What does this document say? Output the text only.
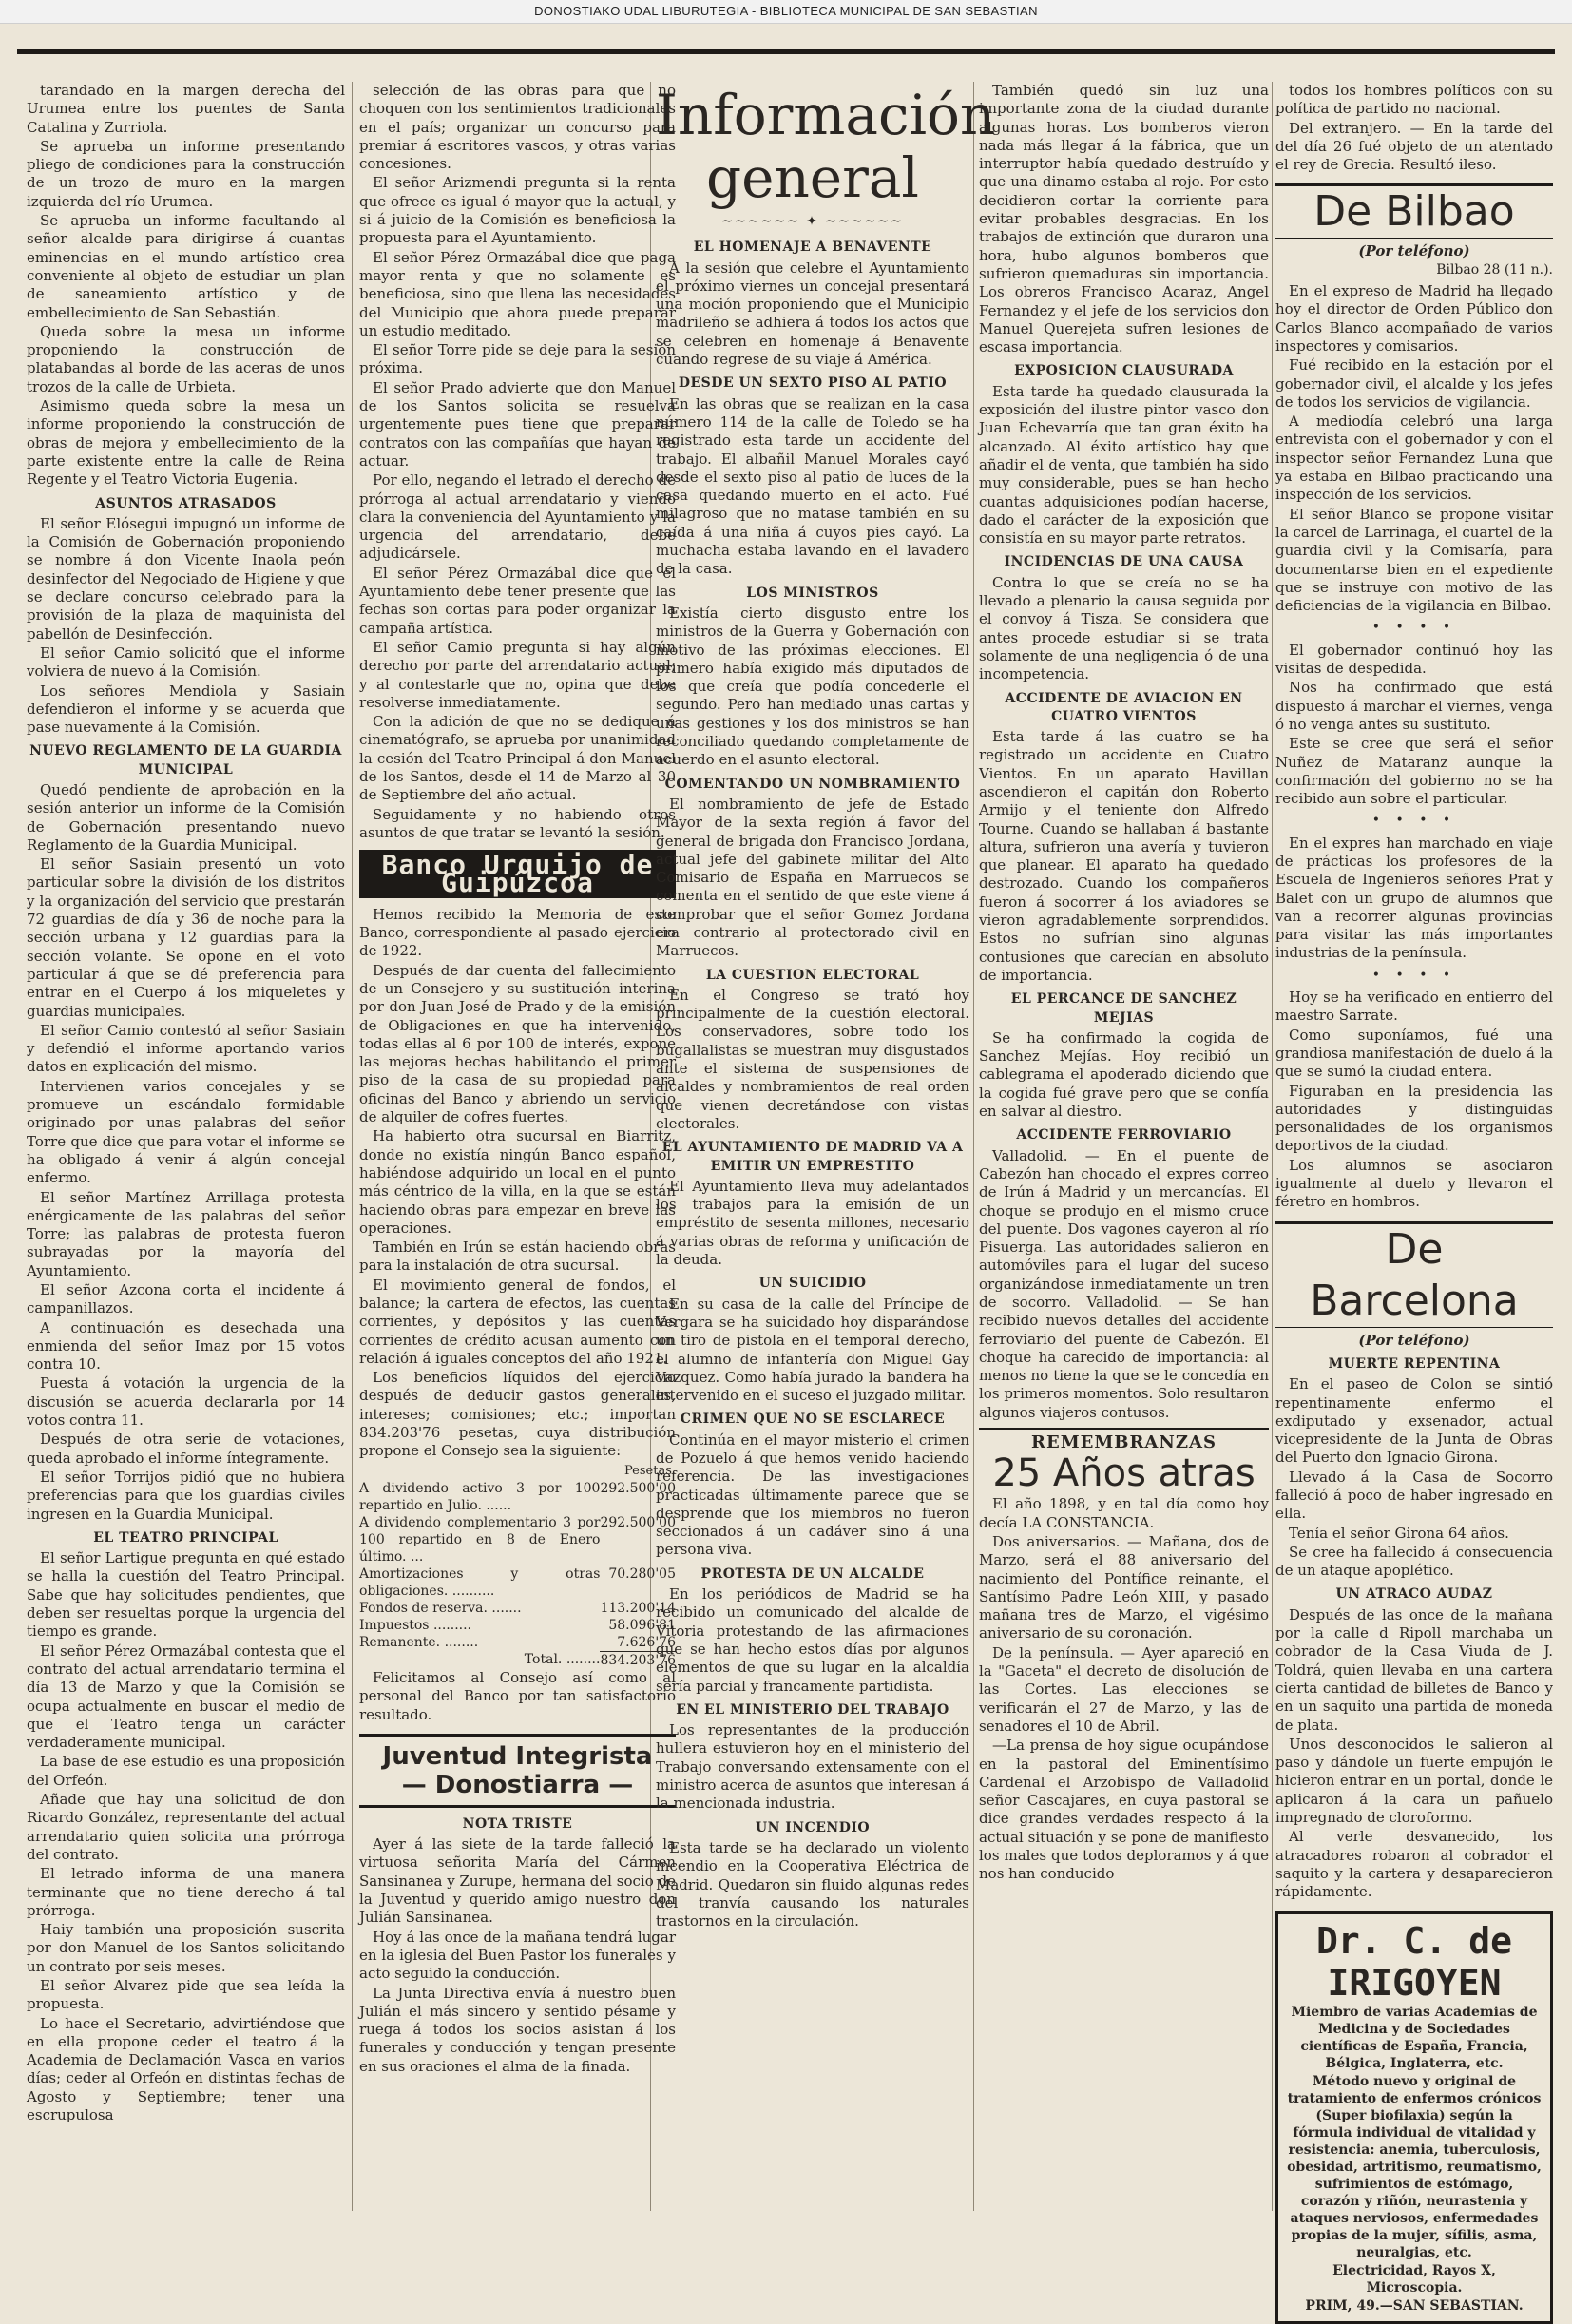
DONOSTIAKO UDAL LIBURUTEGIA - BIBLIOTECA MUNICIPAL DE SAN SEBASTIAN

tarandado en la margen derecha del Urumea entre los puentes de Santa Catalina y Zurriola.

Se aprueba un informe presentando pliego de condiciones para la construcción de un trozo de muro en la margen izquierda del río Urumea.

Se aprueba un informe facultando al señor alcalde para dirigirse á cuantas eminencias en el mundo artístico crea conveniente al objeto de estudiar un plan de saneamiento artístico y de embellecimiento de San Sebastián.

Queda sobre la mesa un informe proponiendo la construcción de platabandas al borde de las aceras de unos trozos de la calle de Urbieta.

Asimismo queda sobre la mesa un informe proponiendo la construcción de obras de mejora y embellecimiento de la parte existente entre la calle de Reina Regente y el Teatro Victoria Eugenia.

ASUNTOS ATRASADOS

El señor Elósegui impugnó un informe de la Comisión de Gobernación proponiendo se nombre á don Vicente Inaola peón desinfector del Negociado de Higiene y que se declare concurso celebrado para la provisión de la plaza de maquinista del pabellón de Desinfección.

El señor Camio solicitó que el informe volviera de nuevo á la Comisión.

Los señores Mendiola y Sasiain defendieron el informe y se acuerda que pase nuevamente á la Comisión.

NUEVO REGLAMENTO DE LA GUARDIA MUNICIPAL

Quedó pendiente de aprobación en la sesión anterior un informe de la Comisión de Gobernación presentando nuevo Reglamento de la Guardia Municipal.

El señor Sasiain presentó un voto particular sobre la división de los distritos y la organización del servicio que prestarán 72 guardias de día y 36 de noche para la sección urbana y 12 guardias para la sección volante. Se opone en el voto particular á que se dé preferencia para entrar en el Cuerpo á los miqueletes y guardias municipales.

El señor Camio contestó al señor Sasiain y defendió el informe aportando varios datos en explicación del mismo.

Intervienen varios concejales y se promueve un escándalo formidable originado por unas palabras del señor Torre que dice que para votar el informe se ha obligado á venir á algún concejal enfermo.

El señor Martínez Arrillaga protesta enérgicamente de las palabras del señor Torre; las palabras de protesta fueron subrayadas por la mayoría del Ayuntamiento.

El señor Azcona corta el incidente á campanillazos.

A continuación es desechada una enmienda del señor Imaz por 15 votos contra 10.

Puesta á votación la urgencia de la discusión se acuerda declararla por 14 votos contra 11.

Después de otra serie de votaciones, queda aprobado el informe íntegramente.

El señor Torrijos pidió que no hubiera preferencias para que los guardias civiles ingresen en la Guardia Municipal.

EL TEATRO PRINCIPAL

El señor Lartigue pregunta en qué estado se halla la cuestión del Teatro Principal. Sabe que hay solicitudes pendientes, que deben ser resueltas porque la urgencia del tiempo es grande.

El señor Pérez Ormazábal contesta que el contrato del actual arrendatario termina el día 13 de Marzo y que la Comisión se ocupa actualmente en buscar el medio de que el Teatro tenga un carácter verdaderamente municipal.

La base de ese estudio es una proposición del Orfeón.

Añade que hay una solicitud de don Ricardo González, representante del actual arrendatario quien solicita una prórroga del contrato.

El letrado informa de una manera terminante que no tiene derecho á tal prórroga.

Haiy también una proposición suscrita por don Manuel de los Santos solicitando un contrato por seis meses.

El señor Alvarez pide que sea leída la propuesta.

Lo hace el Secretario, advirtiéndose que en ella propone ceder el teatro á la Academia de Declamación Vasca en varios días; ceder al Orfeón en distintas fechas de Agosto y Septiembre; tener una escrupulosa

selección de las obras para que no choquen con los sentimientos tradicionales en el país; organizar un concurso para premiar á escritores vascos, y otras varias concesiones.

El señor Arizmendi pregunta si la renta que ofrece es igual ó mayor que la actual, y si á juicio de la Comisión es beneficiosa la propuesta para el Ayuntamiento.

El señor Pérez Ormazábal dice que paga mayor renta y que no solamente es beneficiosa, sino que llena las necesidades del Municipio que ahora puede preparar un estudio meditado.

El señor Torre pide se deje para la sesión próxima.

El señor Prado advierte que don Manuel de los Santos solicita se resuelva urgentemente pues tiene que preparar contratos con las compañías que hayan de actuar.

Por ello, negando el letrado el derecho de prórroga al actual arrendatario y viendo clara la conveniencia del Ayuntamiento y la urgencia del arrendatario, debe adjudicársele.

El señor Pérez Ormazábal dice que el Ayuntamiento debe tener presente que las fechas son cortas para poder organizar la campaña artística.

El señor Camio pregunta si hay algún derecho por parte del arrendatario actual; y al contestarle que no, opina que debe resolverse inmediatamente.

Con la adición de que no se dedique á cinematógrafo, se aprueba por unanimidad la cesión del Teatro Principal á don Manuel de los Santos, desde el 14 de Marzo al 30 de Septiembre del año actual.

Seguidamente y no habiendo otros asuntos de que tratar se levantó la sesión.

Banco Urquijo de Guipúzcoa

Hemos recibido la Memoria de este Banco, correspondiente al pasado ejercicio de 1922.

Después de dar cuenta del fallecimiento de un Consejero y su sustitución interina por don Juan José de Prado y de la emisión de Obligaciones en que ha intervenido, todas ellas al 6 por 100 de interés, expone las mejoras hechas habilitando el primer piso de la casa de su propiedad para oficinas del Banco y abriendo un servicio de alquiler de cofres fuertes.

Ha habierto otra sucursal en Biarritz, donde no existía ningún Banco español, habiéndose adquirido un local en el punto más céntrico de la villa, en la que se están haciendo obras para empezar en breve las operaciones.

También en Irún se están haciendo obras para la instalación de otra sucursal.

El movimiento general de fondos, el balance; la cartera de efectos, las cuentas corrientes, y depósitos y las cuentas corrientes de crédito acusan aumento con relación á iguales conceptos del año 1921.

Los beneficios líquidos del ejercicio después de deducir gastos generales, intereses; comisiones; etc.; importan 834.203'76 pesetas, cuya distribución propone el Consejo sea la siguiente:

Pesetas.
A dividendo activo 3 por 100 repartido en Julio. ......	292.500'00
A dividendo complementario 3 por 100 repartido en 8 de Enero último. ...	292.500'00
Amortizaciones y otras obligaciones. ..........	70.280'05
Fondos de reserva. .......	113.200'14
Impuestos .........	58.096'81
Remanente. ........	7.626'76
Total. ........	834.203'76

Felicitamos al Consejo así como al personal del Banco por tan satisfactorio resultado.

Juventud Integrista
— Donostiarra —
NOTA TRISTE

Ayer á las siete de la tarde falleció la virtuosa señorita María del Cármen Sansinanea y Zurupe, hermana del socio de la Juventud y querido amigo nuestro don Julián Sansinanea.

Hoy á las once de la mañana tendrá lugar en la iglesia del Buen Pastor los funerales y acto seguido la conducción.

La Junta Directiva envía á nuestro buen Julián el más sincero y sentido pésame y ruega á todos los socios asistan á los funerales y conducción y tengan presente en sus oraciones el alma de la finada.

Información general
~~~~~~ ✦ ~~~~~~
EL HOMENAJE A BENAVENTE

A la sesión que celebre el Ayuntamiento el próximo viernes un concejal presentará una moción proponiendo que el Municipio madrileño se adhiera á todos los actos que se celebren en homenaje á Benavente cuando regrese de su viaje á América.

DESDE UN SEXTO PISO AL PATIO

En las obras que se realizan en la casa número 114 de la calle de Toledo se ha registrado esta tarde un accidente del trabajo. El albañil Manuel Morales cayó desde el sexto piso al patio de luces de la casa quedando muerto en el acto. Fué milagroso que no matase también en su caída á una niña á cuyos pies cayó. La muchacha estaba lavando en el lavadero de la casa.

LOS MINISTROS

Existía cierto disgusto entre los ministros de la Guerra y Gobernación con motivo de las próximas elecciones. El primero había exigido más diputados de los que creía que podía concederle el segundo. Pero han mediado unas cartas y unas gestiones y los dos ministros se han reconciliado quedando completamente de acuerdo en el asunto electoral.

COMENTANDO UN NOMBRAMIENTO

El nombramiento de jefe de Estado Mayor de la sexta región á favor del general de brigada don Francisco Jordana, actual jefe del gabinete militar del Alto Comisario de España en Marruecos se comenta en el sentido de que este viene á comprobar que el señor Gomez Jordana era contrario al protectorado civil en Marruecos.

LA CUESTION ELECTORAL

En el Congreso se trató hoy principalmente de la cuestión electoral. Los conservadores, sobre todo los bugallalistas se muestran muy disgustados ante el sistema de suspensiones de alcaldes y nombramientos de real orden que vienen decretándose con vistas electorales.

EL AYUNTAMIENTO DE MADRID VA A EMITIR UN EMPRESTITO

El Ayuntamiento lleva muy adelantados los trabajos para la emisión de un empréstito de sesenta millones, necesario á varias obras de reforma y unificación de la deuda.

UN SUICIDIO

En su casa de la calle del Príncipe de Vergara se ha suicidado hoy disparándose un tiro de pistola en el temporal derecho, el alumno de infantería don Miguel Gay Vazquez. Como había jurado la bandera ha intervenido en el suceso el juzgado militar.

CRIMEN QUE NO SE ESCLARECE

Continúa en el mayor misterio el crimen de Pozuelo á que hemos venido haciendo referencia. De las investigaciones practicadas últimamente parece que se desprende que los miembros no fueron seccionados á un cadáver sino á una persona viva.

PROTESTA DE UN ALCALDE

En los periódicos de Madrid se ha recibido un comunicado del alcalde de Vitoria protestando de las afirmaciones que se han hecho estos días por algunos elementos de que su lugar en la alcaldía sería parcial y francamente partidista.

EN EL MINISTERIO DEL TRABAJO

Los representantes de la producción hullera estuvieron hoy en el ministerio del Trabajo conversando extensamente con el ministro acerca de asuntos que interesan á la mencionada industria.

UN INCENDIO

Esta tarde se ha declarado un violento incendio en la Cooperativa Eléctrica de Madrid. Quedaron sin fluido algunas redes del tranvía causando los naturales trastornos en la circulación.

También quedó sin luz una importante zona de la ciudad durante algunas horas. Los bomberos vieron nada más llegar á la fábrica, que un interruptor había quedado destruído y que una dinamo estaba al rojo. Por esto decidieron cortar la corriente para evitar probables desgracias. En los trabajos de extinción que duraron una hora, hubo algunos bomberos que sufrieron quemaduras sin importancia. Los obreros Francisco Acaraz, Angel Fernandez y el jefe de los servicios don Manuel Querejeta sufren lesiones de escasa importancia.

EXPOSICION CLAUSURADA

Esta tarde ha quedado clausurada la exposición del ilustre pintor vasco don Juan Echevarría que tan gran éxito ha alcanzado. Al éxito artístico hay que añadir el de venta, que también ha sido muy considerable, pues se han hecho cuantas adquisiciones podían hacerse, dado el carácter de la exposición que consistía en su mayor parte retratos.

INCIDENCIAS DE UNA CAUSA

Contra lo que se creía no se ha llevado a plenario la causa seguida por el convoy á Tisza. Se considera que antes procede estudiar si se trata solamente de una negligencia ó de una incompetencia.

ACCIDENTE DE AVIACION EN CUATRO VIENTOS

Esta tarde á las cuatro se ha registrado un accidente en Cuatro Vientos. En un aparato Havillan ascendieron el capitán don Roberto Armijo y el teniente don Alfredo Tourne. Cuando se hallaban á bastante altura, sufrieron una avería y tuvieron que planear. El aparato ha quedado destrozado. Cuando los compañeros fueron á socorrer á los aviadores se vieron agradablemente sorprendidos. Estos no sufrían sino algunas contusiones que carecían en absoluto de importancia.

EL PERCANCE DE SANCHEZ MEJIAS

Se ha confirmado la cogida de Sanchez Mejías. Hoy recibió un cablegrama el apoderado diciendo que la cogida fué grave pero que se confía en salvar al diestro.

ACCIDENTE FERROVIARIO

Valladolid. — En el puente de Cabezón han chocado el expres correo de Irún á Madrid y un mercancías. El choque se produjo en el mismo cruce del puente. Dos vagones cayeron al río Pisuerga. Las autoridades salieron en automóviles para el lugar del suceso organizándose inmediatamente un tren de socorro. Valladolid. — Se han recibido nuevos detalles del accidente ferroviario del puente de Cabezón. El choque ha carecido de importancia: al menos no tiene la que se le concedía en los primeros momentos. Solo resultaron algunos viajeros contusos.

REMEMBRANZAS
25 Años atras

El año 1898, y en tal día como hoy decía LA CONSTANCIA.

Dos aniversarios. — Mañana, dos de Marzo, será el 88 aniversario del nacimiento del Pontífice reinante, el Santísimo Padre León XIII, y pasado mañana tres de Marzo, el vigésimo aniversario de su coronación.

De la península. — Ayer apareció en la "Gaceta" el decreto de disolución de las Cortes. Las elecciones se verificarán el 27 de Marzo, y las de senadores el 10 de Abril.

—La prensa de hoy sigue ocupándose en la pastoral del Eminentísimo Cardenal el Arzobispo de Valladolid señor Cascajares, en cuya pastoral se dice grandes verdades respecto á la actual situación y se pone de manifiesto los males que todos deploramos y á que nos han conducido

todos los hombres políticos con su política de partido no nacional.

Del extranjero. — En la tarde del del día 26 fué objeto de un atentado el rey de Grecia. Resultó ileso.

De Bilbao
(Por teléfono)
Bilbao 28 (11 n.).

En el expreso de Madrid ha llegado hoy el director de Orden Público don Carlos Blanco acompañado de varios inspectores y comisarios.

Fué recibido en la estación por el gobernador civil, el alcalde y los jefes de todos los servicios de vigilancia.

A mediodía celebró una larga entrevista con el gobernador y con el inspector señor Fernandez Luna que ya estaba en Bilbao practicando una inspección de los servicios.

El señor Blanco se propone visitar la carcel de Larrinaga, el cuartel de la guardia civil y la Comisaría, para documentarse bien en el expediente que se instruye con motivo de las deficiencias de la vigilancia en Bilbao.

• • • •

El gobernador continuó hoy las visitas de despedida.

Nos ha confirmado que está dispuesto á marchar el viernes, venga ó no venga antes su sustituto.

Este se cree que será el señor Nuñez de Mataranz aunque la confirmación del gobierno no se ha recibido aun sobre el particular.

• • • •

En el expres han marchado en viaje de prácticas los profesores de la Escuela de Ingenieros señores Prat y Balet con un grupo de alumnos que van a recorrer algunas provincias para visitar las más importantes industrias de la península.

• • • •

Hoy se ha verificado en entierro del maestro Sarrate.

Como suponíamos, fué una grandiosa manifestación de duelo á la que se sumó la ciudad entera.

Figuraban en la presidencia las autoridades y distinguidas personalidades de los organismos deportivos de la ciudad.

Los alumnos se asociaron igualmente al duelo y llevaron el féretro en hombros.

De Barcelona
(Por teléfono)
MUERTE REPENTINA

En el paseo de Colon se sintió repentinamente enfermo el exdiputado y exsenador, actual vicepresidente de la Junta de Obras del Puerto don Ignacio Girona.

Llevado á la Casa de Socorro falleció á poco de haber ingresado en ella.

Tenía el señor Girona 64 años.

Se cree ha fallecido á consecuencia de un ataque apoplético.

UN ATRACO AUDAZ

Después de las once de la mañana por la calle d Ripoll marchaba un cobrador de la Casa Viuda de J. Toldrá, quien llevaba en una cartera cierta cantidad de billetes de Banco y en un saquito una partida de moneda de plata.

Unos desconocidos le salieron al paso y dándole un fuerte empujón le hicieron entrar en un portal, donde le aplicaron á la cara un pañuelo impregnado de cloroformo.

Al verle desvanecido, los atracadores robaron al cobrador el saquito y la cartera y desaparecieron rápidamente.

Dr. C. de IRIGOYEN

Miembro de varias Academias de Medicina y de Sociedades científicas de España, Francia, Bélgica, Inglaterra, etc.

Método nuevo y original de tratamiento de enfermos crónicos (Super biofilaxia) según la fórmula individual de vitalidad y resistencia: anemia, tuberculosis, obesidad, artritismo, reumatismo, sufrimientos de estómago, corazón y riñón, neurastenia y ataques nerviosos, enfermedades propias de la mujer, sífilis, asma, neuralgias, etc.

Electricidad, Rayos X, Microscopia.

PRIM, 49.—SAN SEBASTIAN.
